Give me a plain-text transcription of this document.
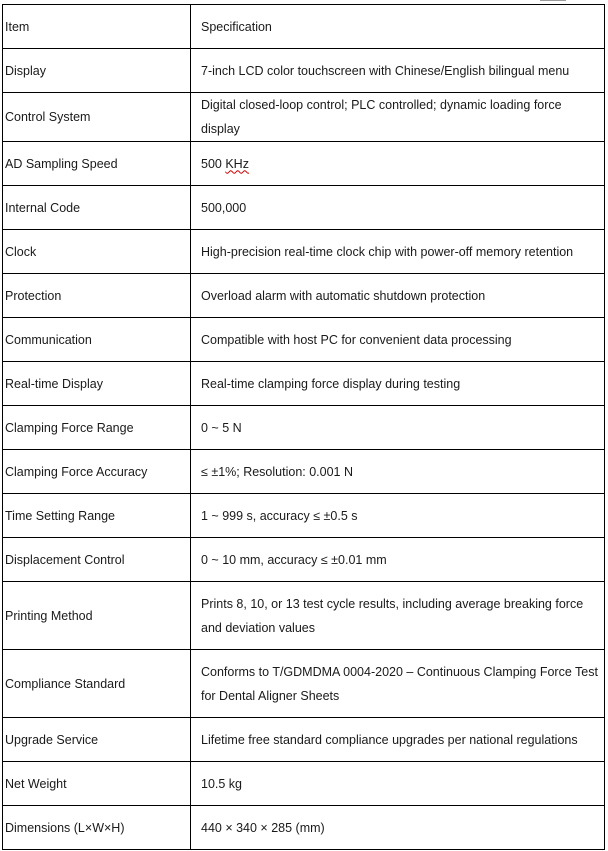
Item	Specification
Display	7-inch LCD color touchscreen with Chinese/English bilingual menu
Control System	Digital closed-loop control; PLC controlled; dynamic loading force display
AD Sampling Speed	500 KHz
Internal Code	500,000
Clock	High-precision real-time clock chip with power-off memory retention
Protection	Overload alarm with automatic shutdown protection
Communication	Compatible with host PC for convenient data processing
Real-time Display	Real-time clamping force display during testing
Clamping Force Range	0 ~ 5 N
Clamping Force Accuracy	≤ ±1%; Resolution: 0.001 N
Time Setting Range	1 ~ 999 s, accuracy ≤ ±0.5 s
Displacement Control	0 ~ 10 mm, accuracy ≤ ±0.01 mm
Printing Method	Prints 8, 10, or 13 test cycle results, including average breaking force and deviation values
Compliance Standard	Conforms to T/GDMDMA 0004-2020 – Continuous Clamping Force Test for Dental Aligner Sheets
Upgrade Service	Lifetime free standard compliance upgrades per national regulations
Net Weight	10.5 kg
Dimensions (L×W×H)	440 × 340 × 285 (mm)
